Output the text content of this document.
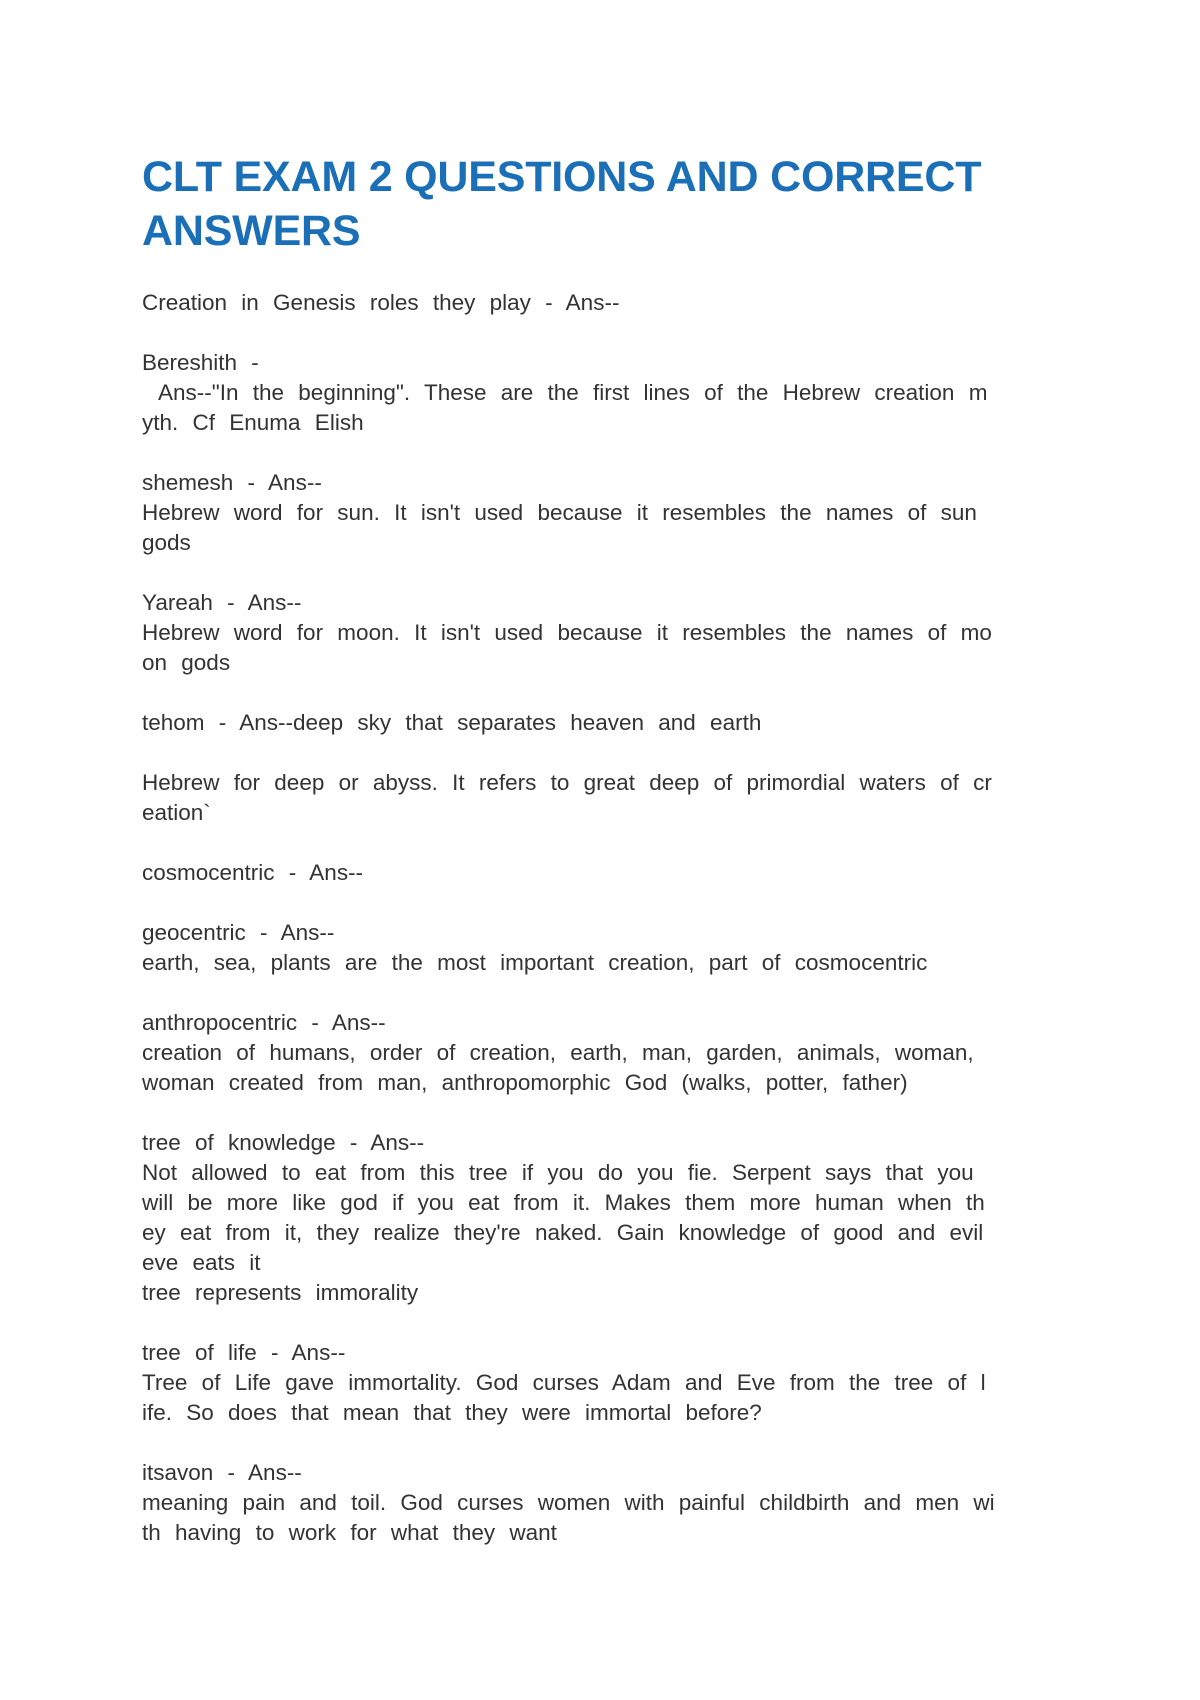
CLT EXAM 2 QUESTIONS AND CORRECT
ANSWERS
Creation in Genesis roles they play - Ans--
Bereshith -
Ans--"In the beginning". These are the first lines of the Hebrew creation m
yth. Cf Enuma Elish
shemesh - Ans--
Hebrew word for sun. It isn't used because it resembles the names of sun
gods
Yareah - Ans--
Hebrew word for moon. It isn't used because it resembles the names of mo
on gods
tehom - Ans--deep sky that separates heaven and earth
Hebrew for deep or abyss. It refers to great deep of primordial waters of cr
eation`
cosmocentric - Ans--
geocentric - Ans--
earth, sea, plants are the most important creation, part of cosmocentric
anthropocentric - Ans--
creation of humans, order of creation, earth, man, garden, animals, woman,
woman created from man, anthropomorphic God (walks, potter, father)
tree of knowledge - Ans--
Not allowed to eat from this tree if you do you fie. Serpent says that you
will be more like god if you eat from it. Makes them more human when th
ey eat from it, they realize they're naked. Gain knowledge of good and evil
eve eats it
tree represents immorality
tree of life - Ans--
Tree of Life gave immortality. God curses Adam and Eve from the tree of l
ife. So does that mean that they were immortal before?
itsavon - Ans--
meaning pain and toil. God curses women with painful childbirth and men wi
th having to work for what they want
